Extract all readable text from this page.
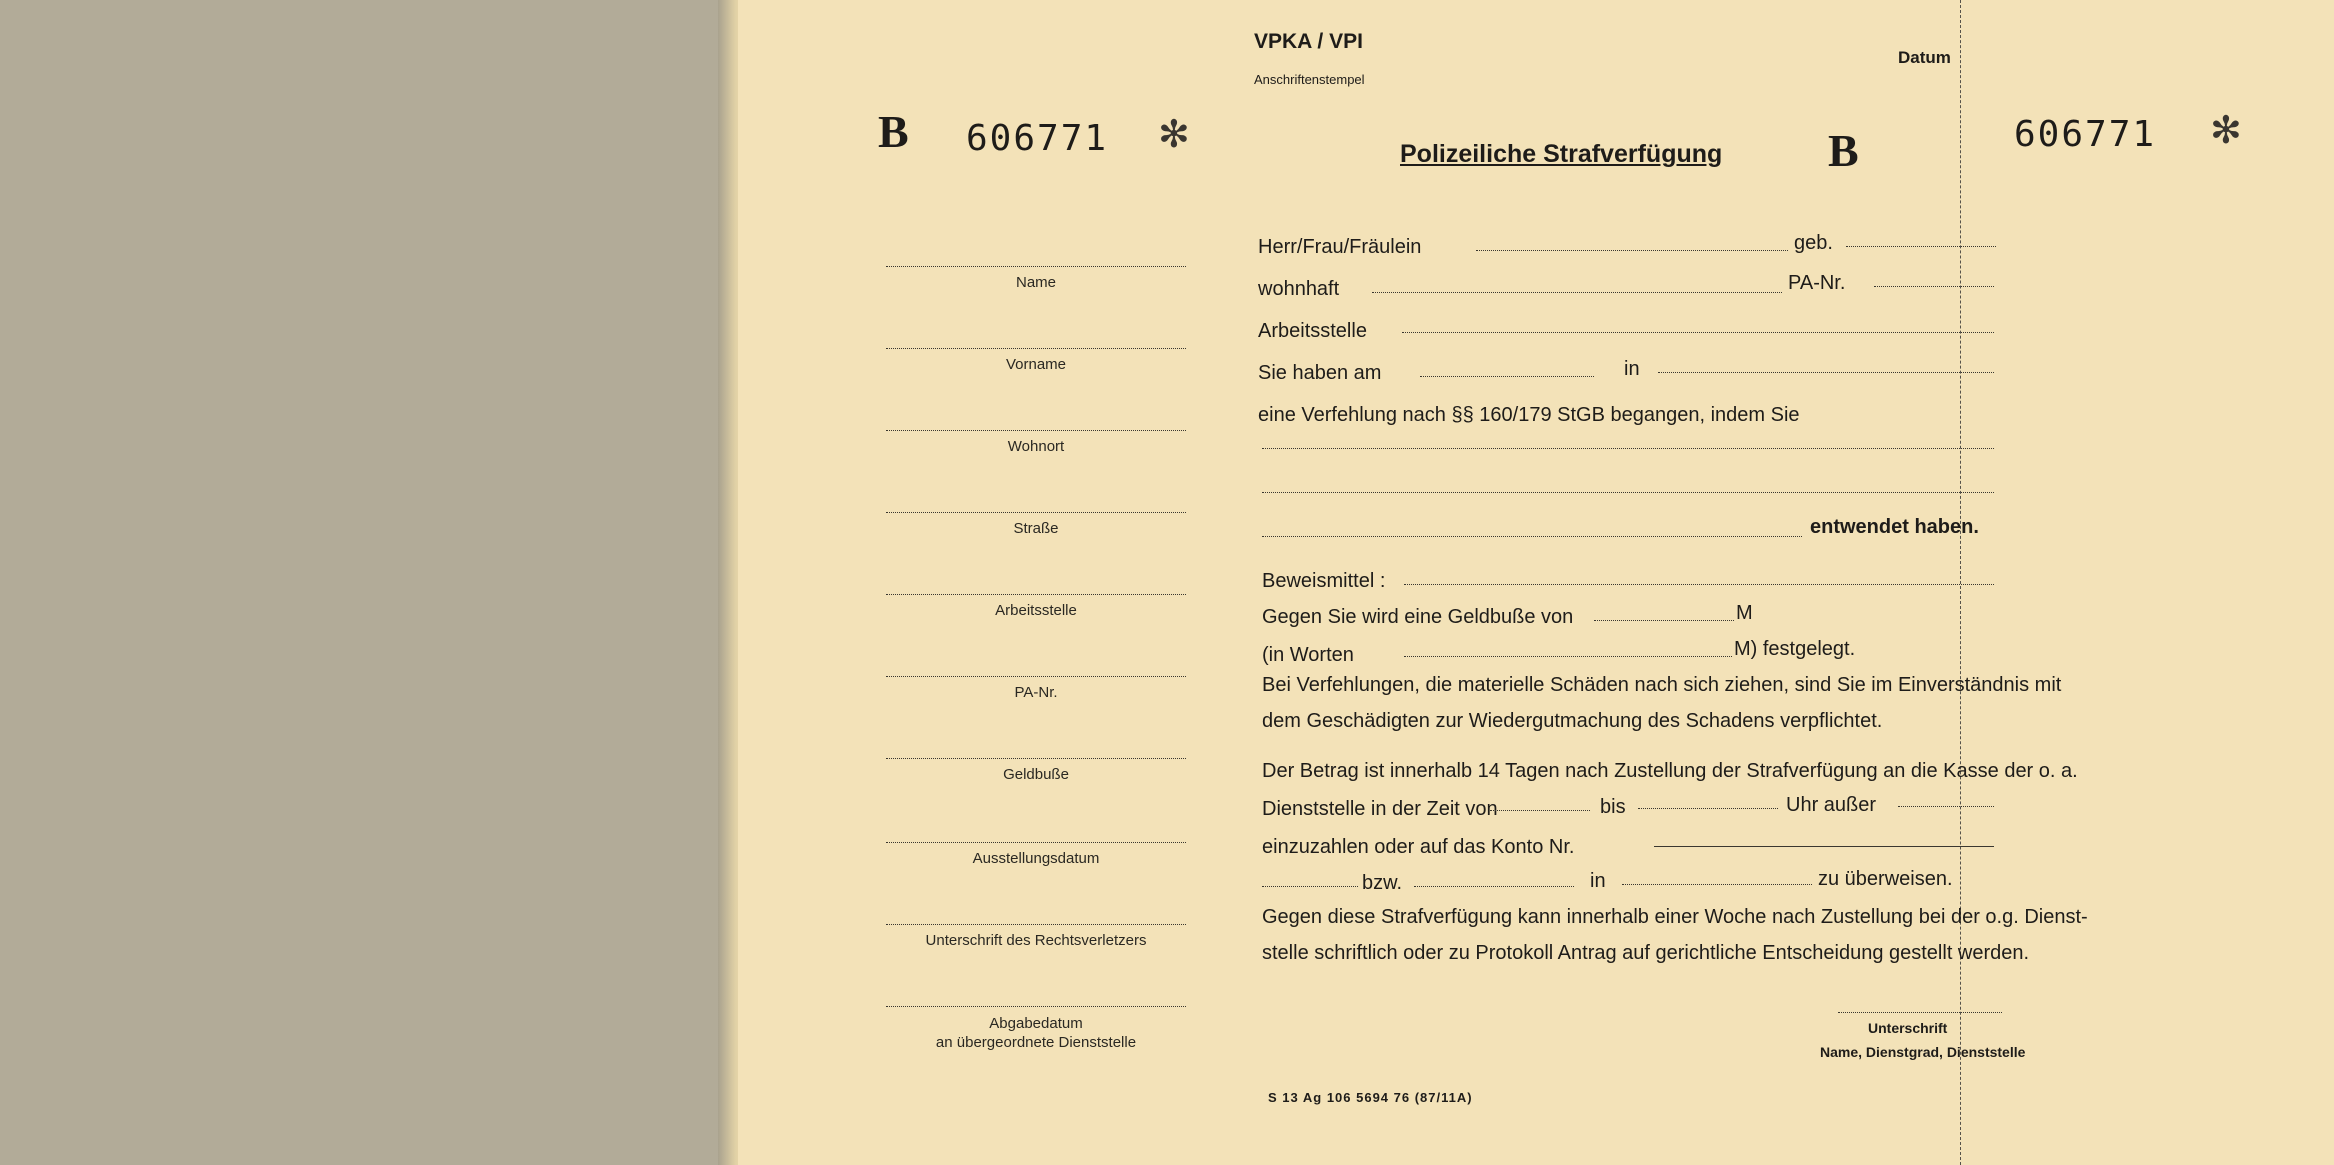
B 606771 ✻
Name
Vorname
Wohnort
Straße
Arbeitsstelle
PA-Nr.
Geldbuße
Ausstellungsdatum
Unterschrift des Rechtsverletzers
Abgabedatum
an übergeordnete Dienststelle
VPKA / VPI
Anschriftenstempel
Datum
Polizeiliche Strafverfügung B	606771 ✻
Herr/Frau/Fräulein	geb.
wohnhaft	PA-Nr.
Arbeitsstelle
Sie haben am	in
eine Verfehlung nach §§ 160/179 StGB begangen, indem Sie
entwendet haben.
Beweismittel :
Gegen Sie wird eine Geldbuße von	M
(in Worten	M) festgelegt.
Bei Verfehlungen, die materielle Schäden nach sich ziehen, sind Sie im Einverständnis mit
dem Geschädigten zur Wiedergutmachung des Schadens verpflichtet.
Der Betrag ist innerhalb 14 Tagen nach Zustellung der Strafverfügung an die Kasse der o. a.
Dienststelle in der Zeit von	bis	Uhr außer
einzuzahlen oder auf das Konto Nr.
bzw.	in	zu überweisen.
Gegen diese Strafverfügung kann innerhalb einer Woche nach Zustellung bei der o.g. Dienst-
stelle schriftlich oder zu Protokoll Antrag auf gerichtliche Entscheidung gestellt werden.
Unterschrift
Name, Dienstgrad, Dienststelle
S 13 Ag 106 5694 76 (87/11A)
